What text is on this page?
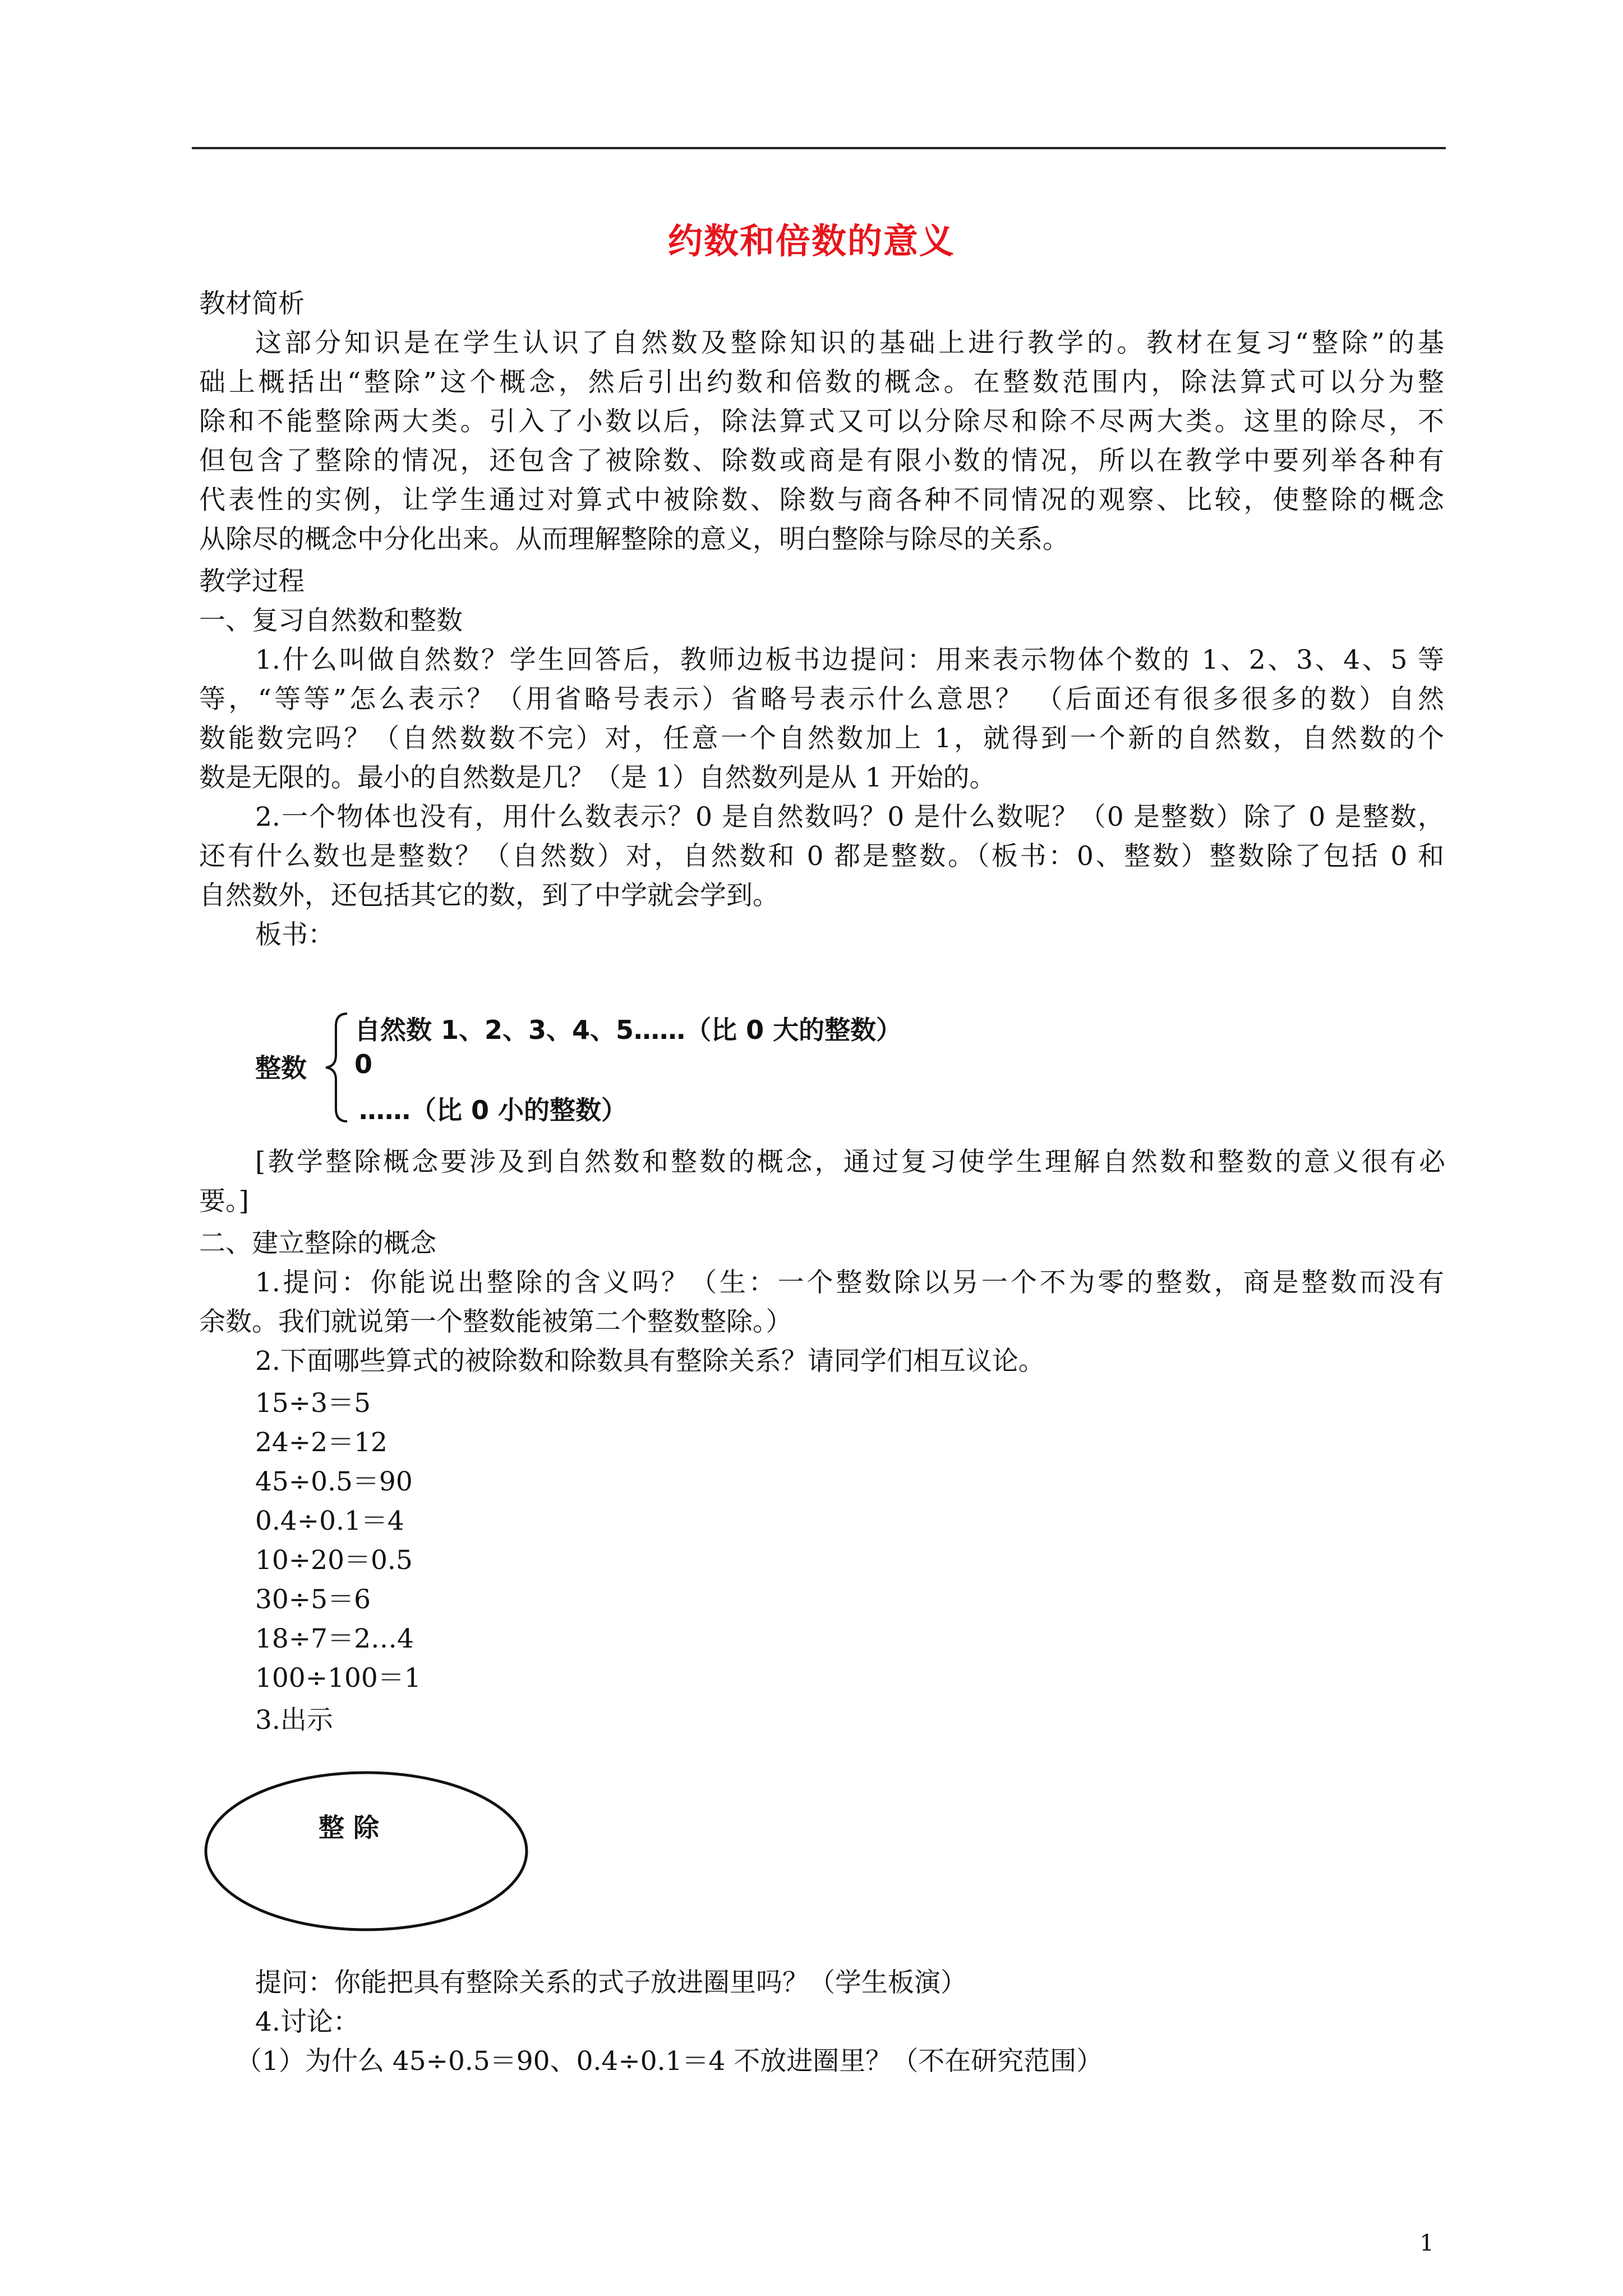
约数和倍数的意义
教材简析
这部分知识是在学生认识了自然数及整除知识的基础上进行教学的。教材在复习“整除”的基
础上概括出“整除”这个概念，然后引出约数和倍数的概念。在整数范围内，除法算式可以分为整
除和不能整除两大类。引入了小数以后，除法算式又可以分除尽和除不尽两大类。这里的除尽，不
但包含了整除的情况，还包含了被除数、除数或商是有限小数的情况，所以在教学中要列举各种有
代表性的实例，让学生通过对算式中被除数、除数与商各种不同情况的观察、比较，使整除的概念
从除尽的概念中分化出来。从而理解整除的意义，明白整除与除尽的关系。
教学过程
一、复习自然数和整数
1.什么叫做自然数？学生回答后，教师边板书边提问：用来表示物体个数的 1、2、3、4、5 等
等，“等等”怎么表示？（用省略号表示）省略号表示什么意思？ （后面还有很多很多的数）自然
数能数完吗？（自然数数不完）对，任意一个自然数加上 1，就得到一个新的自然数，自然数的个
数是无限的。最小的自然数是几？（是 1）自然数列是从 1 开始的。
2.一个物体也没有，用什么数表示？0 是自然数吗？0 是什么数呢？（0 是整数）除了 0 是整数，
还有什么数也是整数？（自然数）对，自然数和 0 都是整数。（板书：0、整数）整数除了包括 0 和
自然数外，还包括其它的数，到了中学就会学到。
板书：
整数
自然数 1、2、3、4、5……（比 0 大的整数）
0
……（比 0 小的整数）
[教学整除概念要涉及到自然数和整数的概念，通过复习使学生理解自然数和整数的意义很有必
要。]
二、建立整除的概念
1.提问：你能说出整除的含义吗？（生：一个整数除以另一个不为零的整数，商是整数而没有
余数。我们就说第一个整数能被第二个整数整除。）
2.下面哪些算式的被除数和除数具有整除关系？请同学们相互议论。
15÷3＝5
24÷2＝12
45÷0.5＝90
0.4÷0.1＝4
10÷20＝0.5
30÷5＝6
18÷7＝2…4
100÷100＝1
3.出示
整 除
提问：你能把具有整除关系的式子放进圈里吗？（学生板演）
4.讨论：
（1）为什么 45÷0.5＝90、0.4÷0.1＝4 不放进圈里？（不在研究范围）
1
